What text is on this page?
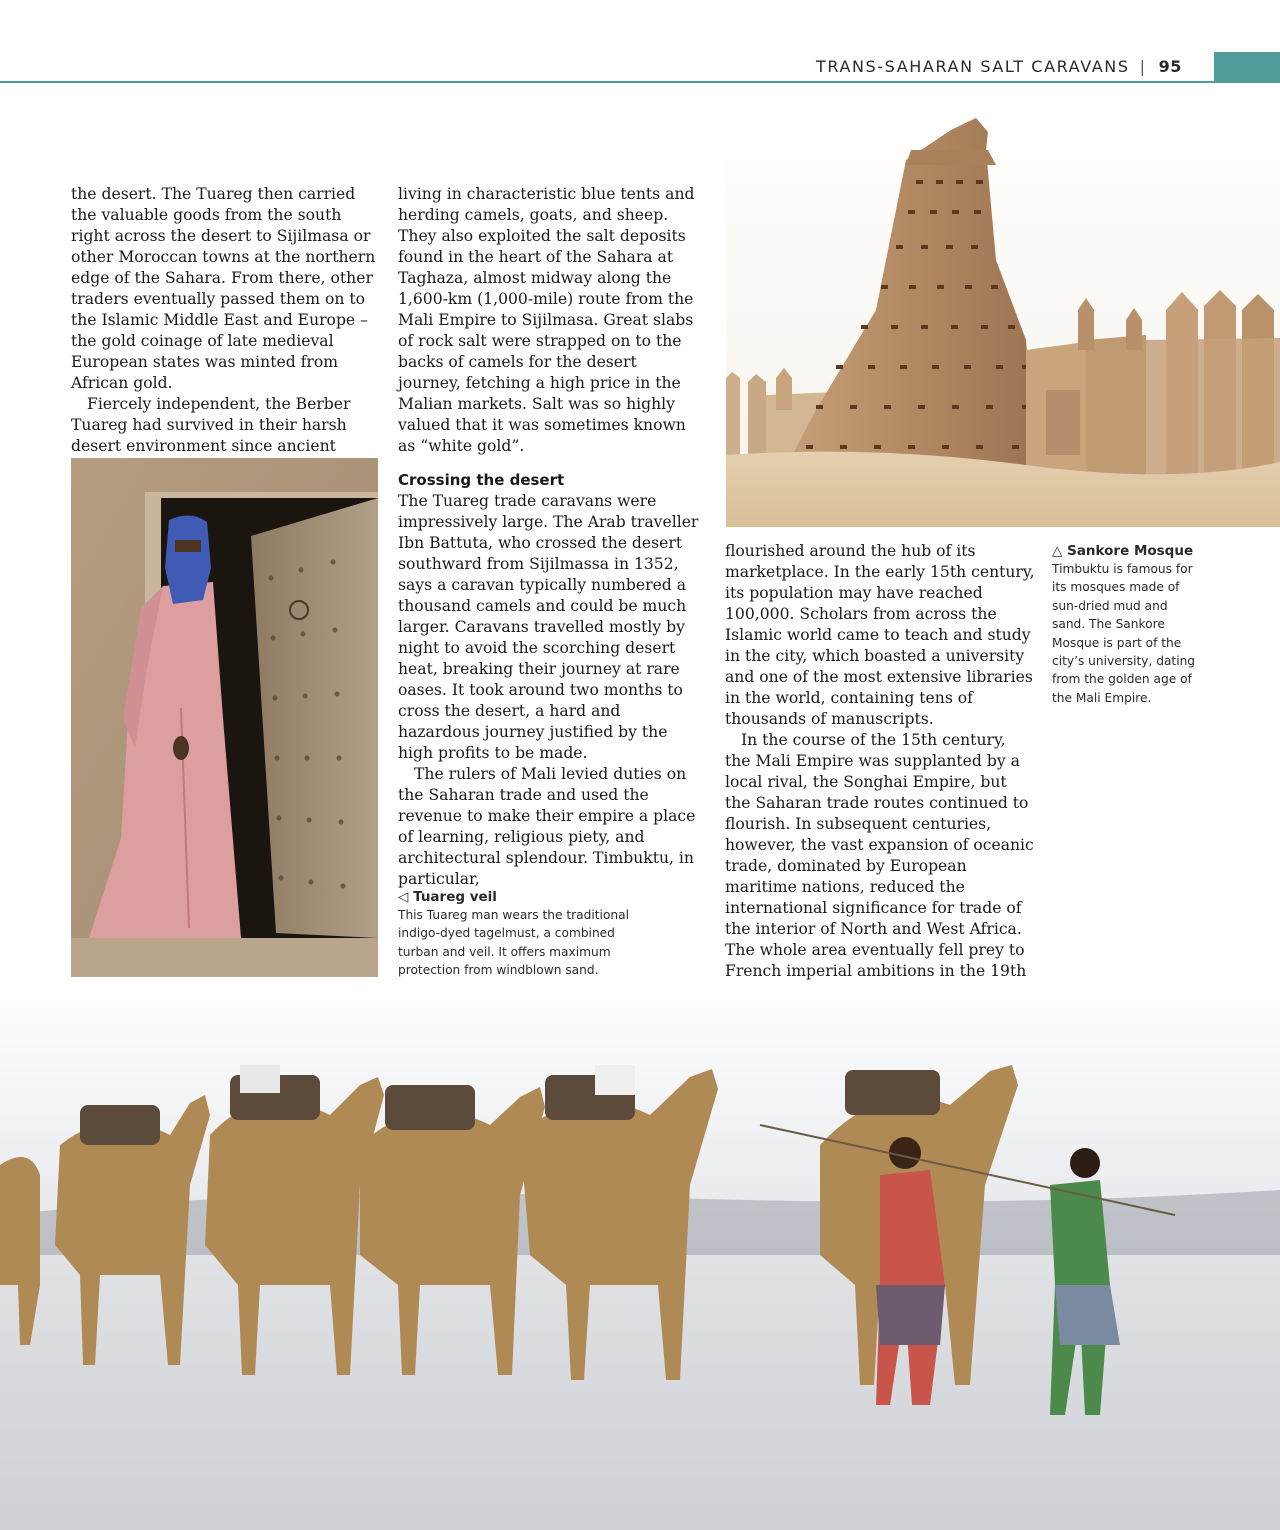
TRANS-SAHARAN SALT CARAVANS | 95

the desert. The Tuareg then carried the valuable goods from the south right across the desert to Sijilmasa or other Moroccan towns at the northern edge of the Sahara. From there, other traders eventually passed them on to the Islamic Middle East and Europe – the gold coinage of late medieval European states was minted from African gold.

Fiercely independent, the Berber Tuareg had survived in their harsh desert environment since ancient

living in characteristic blue tents and herding camels, goats, and sheep. They also exploited the salt deposits found in the heart of the Sahara at Taghaza, almost midway along the 1,600-km (1,000-mile) route from the Mali Empire to Sijilmasa. Great slabs of rock salt were strapped on to the backs of camels for the desert journey, fetching a high price in the Malian markets. Salt was so highly valued that it was sometimes known as “white gold”.

Crossing the desert

The Tuareg trade caravans were impressively large. The Arab traveller Ibn Battuta, who crossed the desert southward from Sijilmassa in 1352, says a caravan typically numbered a thousand camels and could be much larger. Caravans travelled mostly by night to avoid the scorching desert heat, breaking their journey at rare oases. It took around two months to cross the desert, a hard and hazardous journey justified by the high profits to be made.

The rulers of Mali levied duties on the Saharan trade and used the revenue to make their empire a place of learning, religious piety, and architectural splendour. Timbuktu, in particular,

◁ Tuareg veil
This Tuareg man wears the traditional indigo-dyed tagelmust, a combined turban and veil. It offers maximum protection from windblown sand.

flourished around the hub of its marketplace. In the early 15th century, its population may have reached 100,000. Scholars from across the Islamic world came to teach and study in the city, which boasted a university and one of the most extensive libraries in the world, containing tens of thousands of manuscripts.

In the course of the 15th century, the Mali Empire was supplanted by a local rival, the Songhai Empire, but the Saharan trade routes continued to flourish. In subsequent centuries, however, the vast expansion of oceanic trade, dominated by European maritime nations, reduced the international significance for trade of the interior of North and West Africa. The whole area eventually fell prey to French imperial ambitions in the 19th

△ Sankore Mosque
Timbuktu is famous for its mosques made of sun-dried mud and sand. The Sankore Mosque is part of the city’s university, dating from the golden age of the Mali Empire.
